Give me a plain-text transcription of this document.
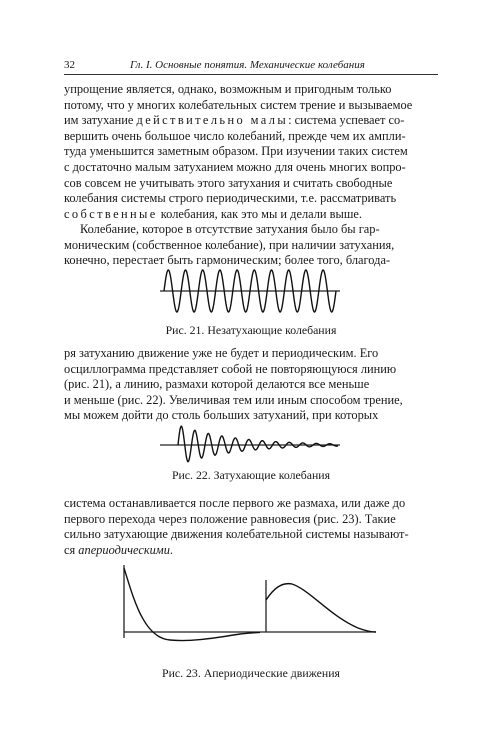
32	Гл. I. Основные понятия. Механические колебания

упрощение является, однако, возможным и пригодным только

потому, что у многих колебательных систем трение и вызываемое

им затухание действительно малы: система успевает со-

вершить очень большое число колебаний, прежде чем их ампли-

туда уменьшится заметным образом. При изучении таких систем

с достаточно малым затуханием можно для очень многих вопро-

сов совсем не учитывать этого затухания и считать свободные

колебания системы строго периодическими, т.е. рассматривать

собственные колебания, как это мы и делали выше.

Колебание, которое в отсутствие затухания было бы гар-

моническим (собственное колебание), при наличии затухания,

конечно, перестает быть гармоническим; более того, благода-

Рис. 21. Незатухающие колебания

ря затуханию движение уже не будет и периодическим. Его

осциллограмма представляет собой не повторяющуюся линию

(рис. 21), а линию, размахи которой делаются все меньше

и меньше (рис. 22). Увеличивая тем или иным способом трение,

мы можем дойти до столь больших затуханий, при которых

Рис. 22. Затухающие колебания

система останавливается после первого же размаха, или даже до

первого перехода через положение равновесия (рис. 23). Такие

сильно затухающие движения колебательной системы называют-

ся апериодическими.

Рис. 23. Апериодические движения
